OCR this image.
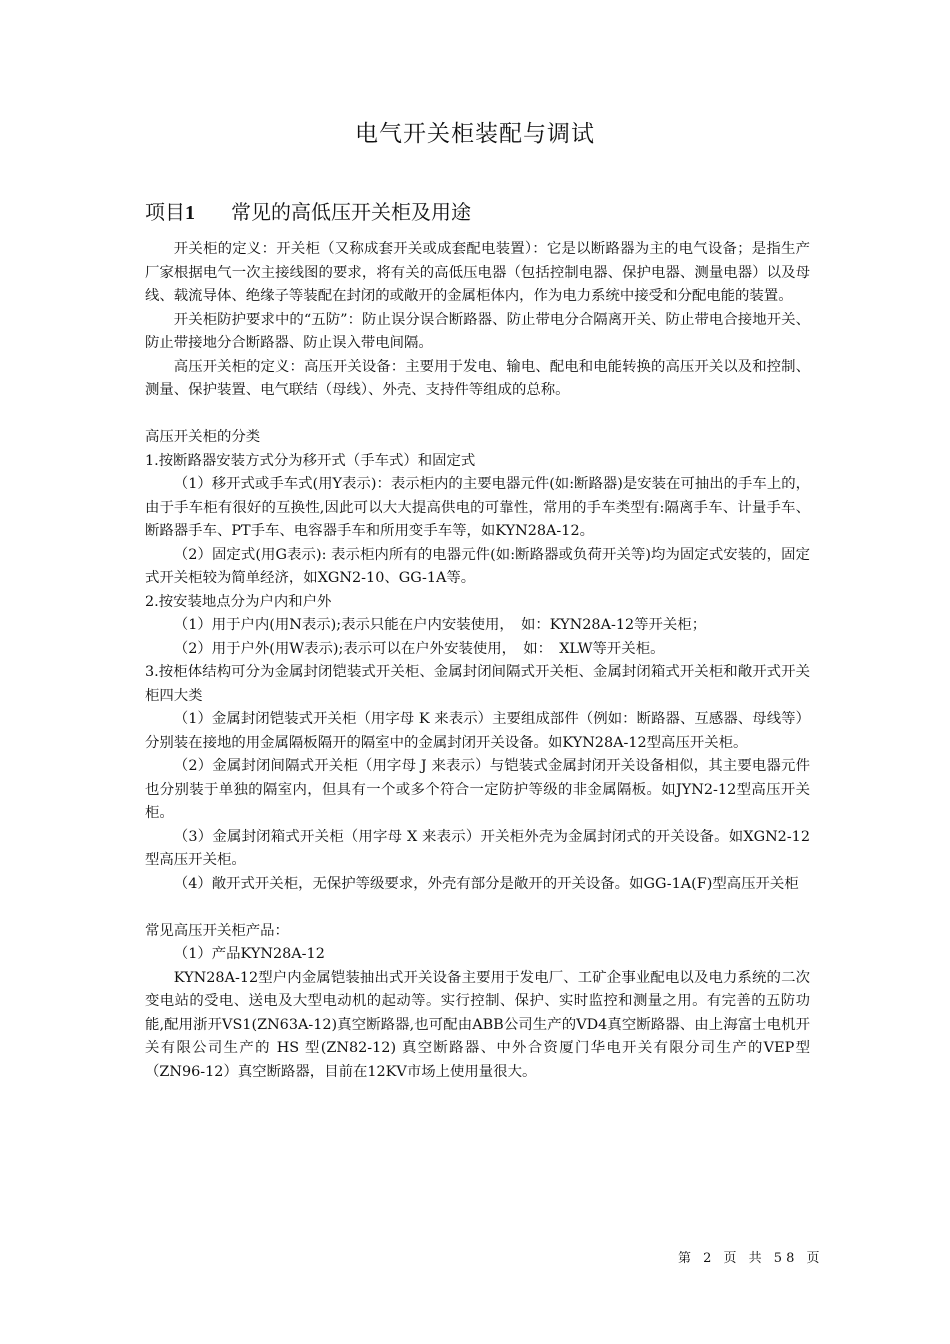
电气开关柜装配与调试
项目1 常见的高低压开关柜及用途

开关柜的定义：开关柜（又称成套开关或成套配电装置）：它是以断路器为主的电气设备；是指生产厂家根据电气一次主接线图的要求，将有关的高低压电器（包括控制电器、保护电器、测量电器）以及母线、载流导体、绝缘子等装配在封闭的或敞开的金属柜体内，作为电力系统中接受和分配电能的装置。

开关柜防护要求中的“五防”：防止误分误合断路器、防止带电分合隔离开关、防止带电合接地开关、防止带接地分合断路器、防止误入带电间隔。

高压开关柜的定义：高压开关设备：主要用于发电、输电、配电和电能转换的高压开关以及和控制、测量、保护装置、电气联结（母线）、外壳、支持件等组成的总称。

高压开关柜的分类

1.按断路器安装方式分为移开式（手车式）和固定式

（1）移开式或手车式(用Y表示)：表示柜内的主要电器元件(如:断路器)是安装在可抽出的手车上的，由于手车柜有很好的互换性,因此可以大大提高供电的可靠性，常用的手车类型有:隔离手车、计量手车、断路器手车、PT手车、电容器手车和所用变手车等，如KYN28A-12。

（2）固定式(用G表示): 表示柜内所有的电器元件(如:断路器或负荷开关等)均为固定式安装的，固定式开关柜较为简单经济，如XGN2-10、GG-1A等。

2.按安装地点分为户内和户外

（1）用于户内(用N表示);表示只能在户内安装使用，　如：KYN28A-12等开关柜；

（2）用于户外(用W表示);表示可以在户外安装使用，　如：　XLW等开关柜。

3.按柜体结构可分为金属封闭铠装式开关柜、金属封闭间隔式开关柜、金属封闭箱式开关柜和敞开式开关柜四大类

（1）金属封闭铠装式开关柜（用字母 K 来表示）主要组成部件（例如：断路器、互感器、母线等）分别装在接地的用金属隔板隔开的隔室中的金属封闭开关设备。如KYN28A-12型高压开关柜。

（2）金属封闭间隔式开关柜（用字母 J 来表示）与铠装式金属封闭开关设备相似，其主要电器元件也分别装于单独的隔室内，但具有一个或多个符合一定防护等级的非金属隔板。如JYN2-12型高压开关柜。

（3）金属封闭箱式开关柜（用字母 X 来表示）开关柜外壳为金属封闭式的开关设备。如XGN2-12型高压开关柜。

（4）敞开式开关柜，无保护等级要求，外壳有部分是敞开的开关设备。如GG-1A(F)型高压开关柜

常见高压开关柜产品：

（1）产品KYN28A-12

KYN28A-12型户内金属铠装抽出式开关设备主要用于发电厂、工矿企事业配电以及电力系统的二次变电站的受电、送电及大型电动机的起动等。实行控制、保护、实时监控和测量之用。有完善的五防功能,配用浙开VS1(ZN63A-12)真空断路器,也可配由ABB公司生产的VD4真空断路器、由上海富士电机开关有限公司生产的 HS 型(ZN82-12) 真空断路器、中外合资厦门华电开关有限分司生产的VEP型（ZN96-12）真空断路器，目前在12KV市场上使用量很大。

第 2 页 共 58 页
